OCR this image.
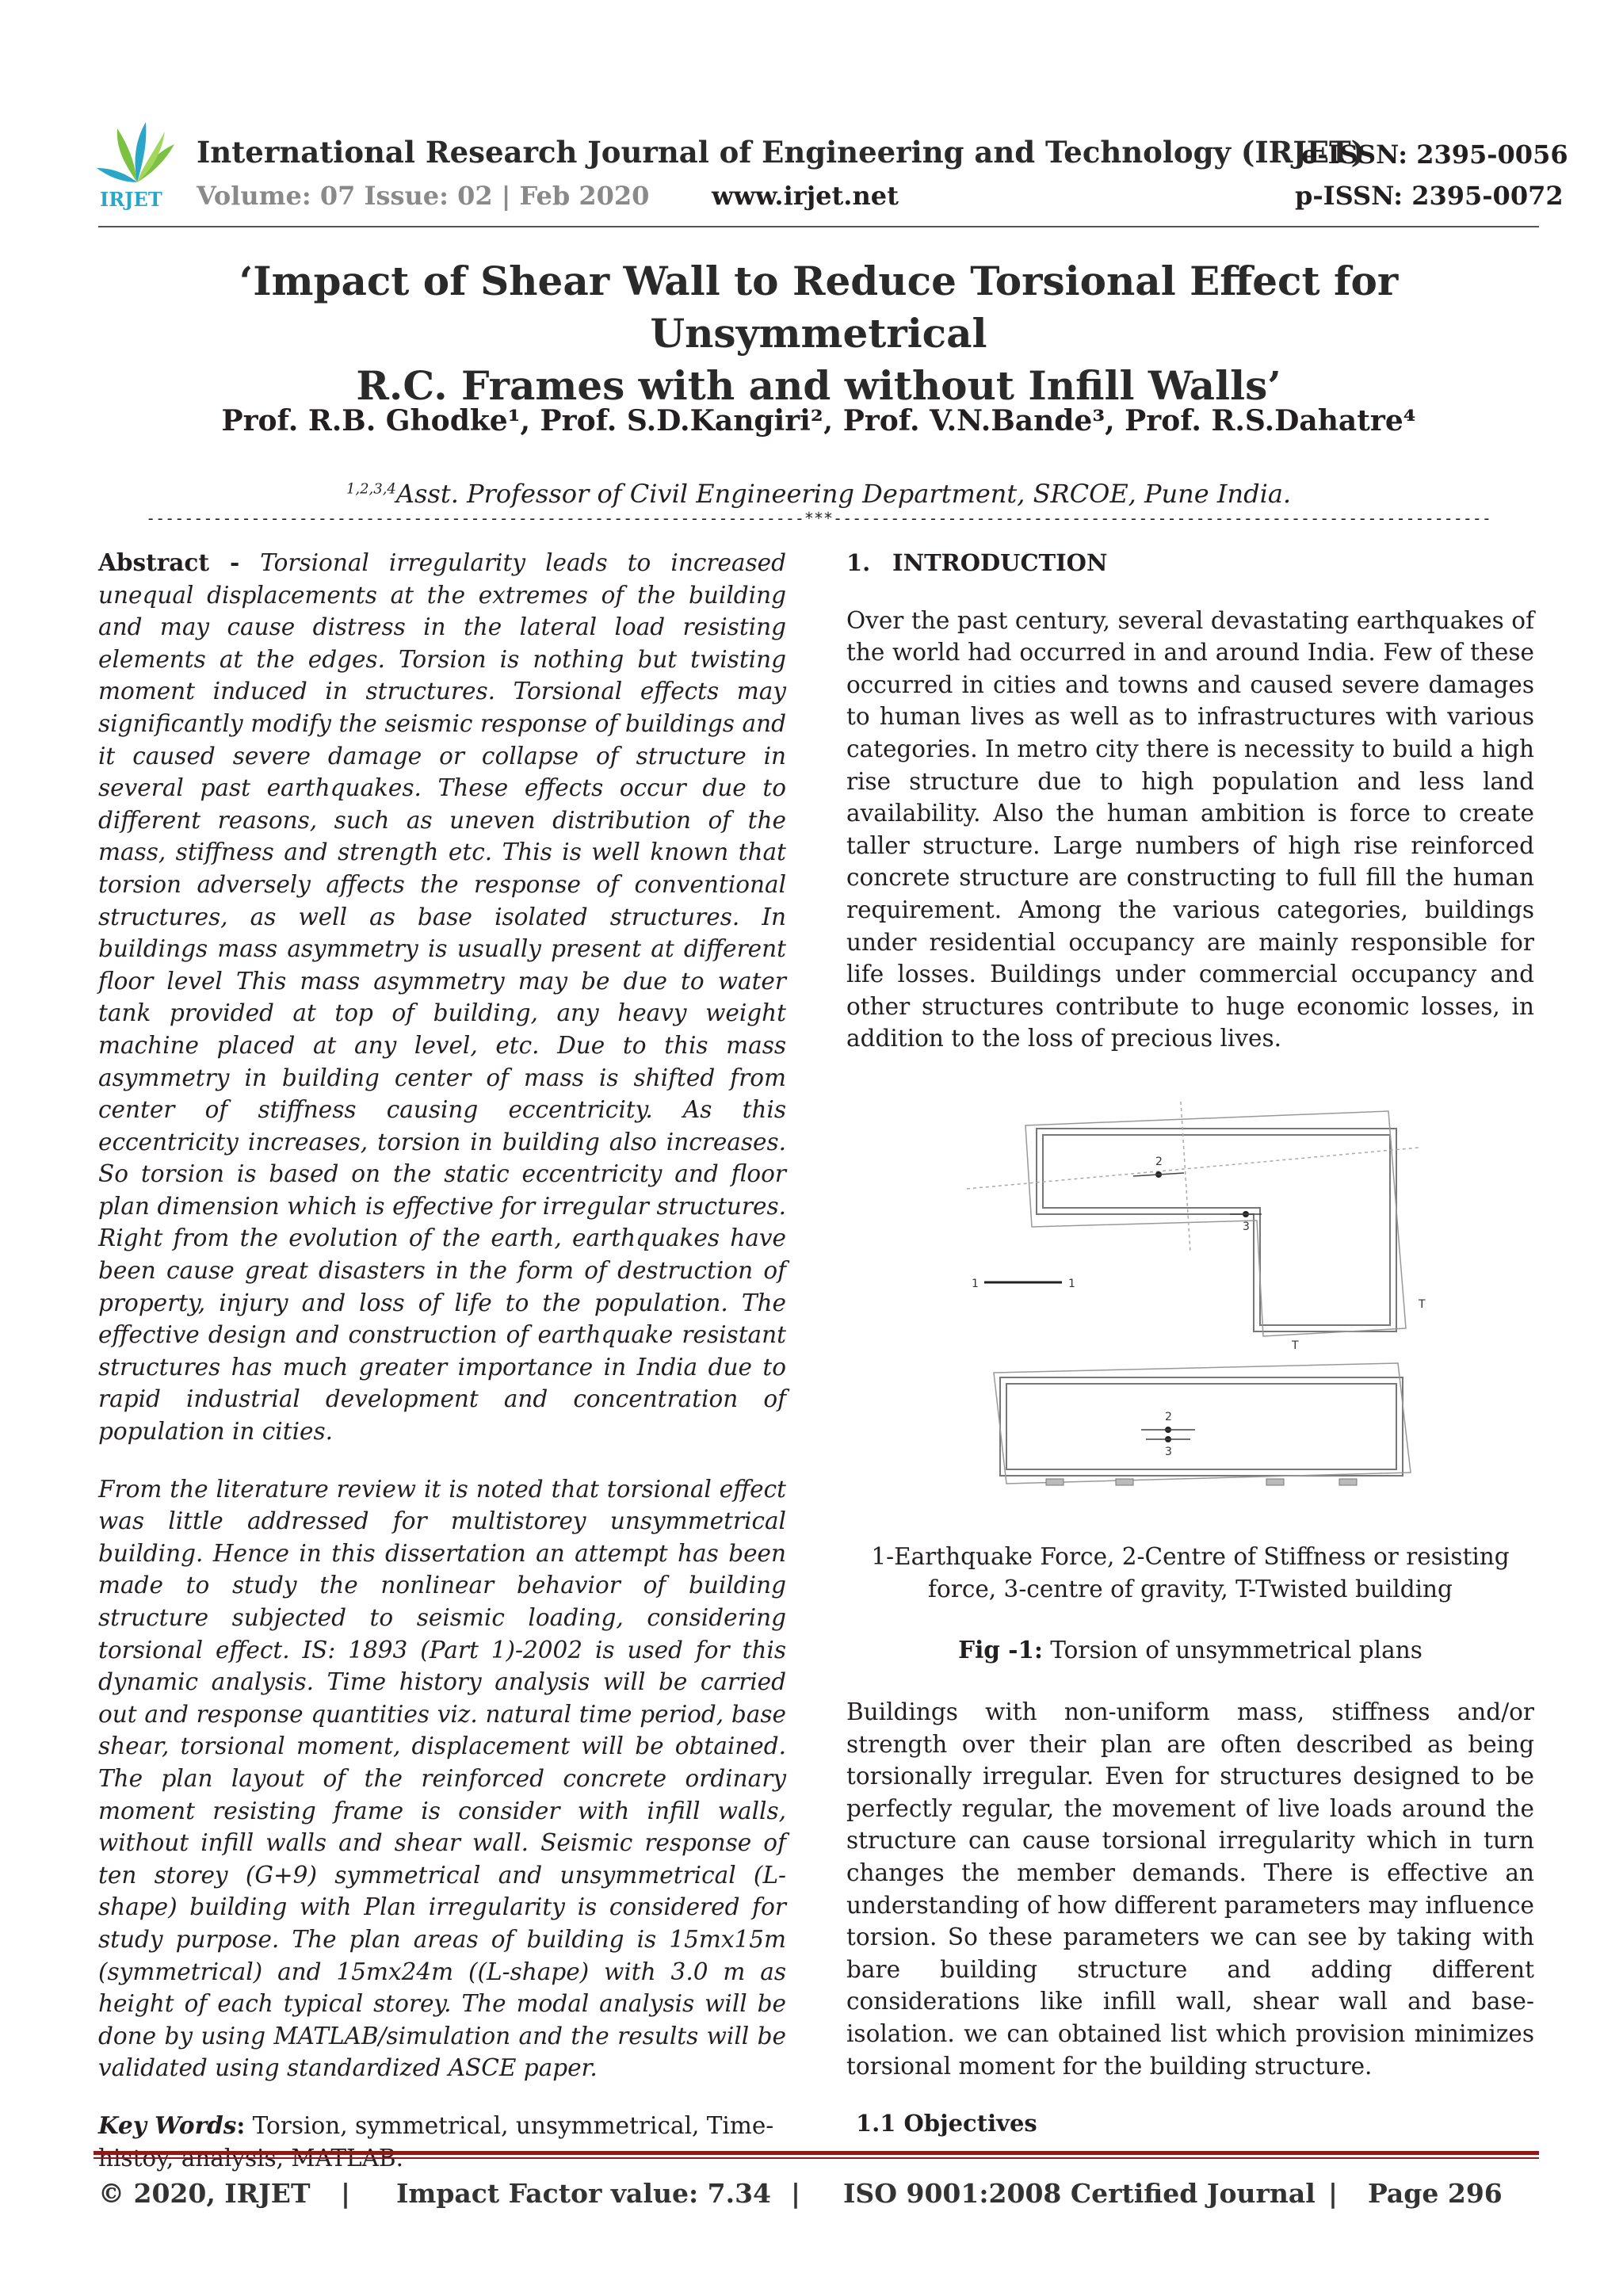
IRJET
International Research Journal of Engineering and Technology (IRJET)
e-ISSN: 2395-0056
Volume: 07 Issue: 02 | Feb 2020 www.irjet.net	p-ISSN: 2395-0072
‘Impact of Shear Wall to Reduce Torsional Effect for Unsymmetrical
R.C. Frames with and without Infill Walls’
Prof. R.B. Ghodke¹, Prof. S.D.Kangiri²‚ Prof. V.N.Bande³, Prof. R.S.Dahatre⁴
$^{1,2,3,4}$Asst. Professor of Civil Engineering Department, SRCOE, Pune India.
---------------------------------------------------------------------***---------------------------------------------------------------------

Abstract - Torsional irregularity leads to increased unequal displacements at the extremes of the building and may cause distress in the lateral load resisting elements at the edges. Torsion is nothing but twisting moment induced in structures. Torsional effects may significantly modify the seismic response of buildings and it caused severe damage or collapse of structure in several past earthquakes. These effects occur due to different reasons, such as uneven distribution of the mass, stiffness and strength etc. This is well known that torsion adversely affects the response of conventional structures, as well as base isolated structures. In buildings mass asymmetry is usually present at different floor level This mass asymmetry may be due to water tank provided at top of building, any heavy weight machine placed at any level, etc. Due to this mass asymmetry in building center of mass is shifted from center of stiffness causing eccentricity. As this eccentricity increases, torsion in building also increases. So torsion is based on the static eccentricity and floor plan dimension which is effective for irregular structures. Right from the evolution of the earth, earthquakes have been cause great disasters in the form of destruction of property, injury and loss of life to the population. The effective design and construction of earthquake resistant structures has much greater importance in India due to rapid industrial development and concentration of population in cities.

From the literature review it is noted that torsional effect was little addressed for multistorey unsymmetrical building. Hence in this dissertation an attempt has been made to study the nonlinear behavior of building structure subjected to seismic loading, considering torsional effect. IS: 1893 (Part 1)-2002 is used for this dynamic analysis. Time history analysis will be carried out and response quantities viz. natural time period, base shear, torsional moment, displacement will be obtained. The plan layout of the reinforced concrete ordinary moment resisting frame is consider with infill walls, without infill walls and shear wall. Seismic response of ten storey (G+9) symmetrical and unsymmetrical (L-shape) building with Plan irregularity is considered for study purpose. The plan areas of building is 15mx15m (symmetrical) and 15mx24m ((L-shape) with 3.0 m as height of each typical storey. The modal analysis will be done by using MATLAB/simulation and the results will be validated using standardized ASCE paper.

Key Words: Torsion, symmetrical, unsymmetrical, Time-

1. INTRODUCTION

Over the past century, several devastating earthquakes of the world had occurred in and around India. Few of these occurred in cities and towns and caused severe damages to human lives as well as to infrastructures with various categories. In metro city there is necessity to build a high rise structure due to high population and less land availability. Also the human ambition is force to create taller structure. Large numbers of high rise reinforced concrete structure are constructing to full fill the human requirement. Among the various categories, buildings under residential occupancy are mainly responsible for life losses. Buildings under commercial occupancy and other structures contribute to huge economic losses, in addition to the loss of precious lives.

2
3
1	1
T
T
2
3
1-Earthquake Force, 2-Centre of Stiffness or resisting force, 3-centre of gravity, T-Twisted building
Fig -1: Torsion of unsymmetrical plans
Buildings with non-uniform mass, stiffness and/or strength over their plan are often described as being torsionally irregular. Even for structures designed to be perfectly regular, the movement of live loads around the structure can cause torsional irregularity which in turn changes the member demands. There is effective an understanding of how different parameters may influence torsion. So these parameters we can see by taking with bare building structure and adding different considerations like infill wall, shear wall and base-isolation. we can obtained list which provision minimizes torsional moment for the building structure.
1.1 Objectives
© 2020, IRJET | Impact Factor value: 7.34 | ISO 9001:2008 Certified Journal | Page 296
